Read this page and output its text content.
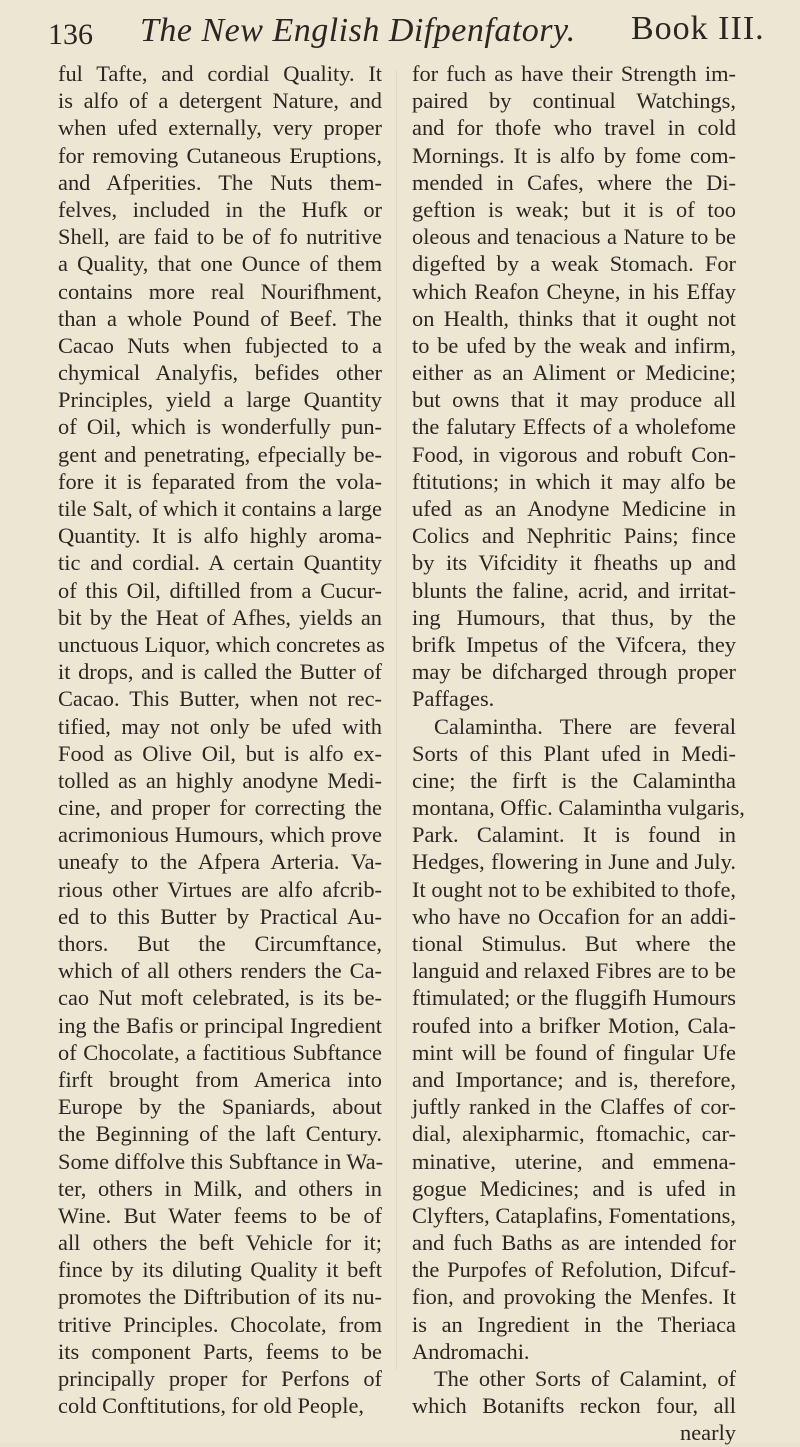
136 The New English Difpenfatory. Book III.
ful Tafte, and cordial Quality. It
is alfo of a detergent Nature, and
when ufed externally, very proper
for removing Cutaneous Eruptions,
and Afperities. The Nuts them-
felves, included in the Hufk or
Shell, are faid to be of fo nutritive
a Quality, that one Ounce of them
contains more real Nourifhment,
than a whole Pound of Beef. The
Cacao Nuts when fubjected to a
chymical Analyfis, befides other
Principles, yield a large Quantity
of Oil, which is wonderfully pun-
gent and penetrating, efpecially be-
fore it is feparated from the vola-
tile Salt, of which it contains a large
Quantity. It is alfo highly aroma-
tic and cordial. A certain Quantity
of this Oil, diftilled from a Cucur-
bit by the Heat of Afhes, yields an
unctuous Liquor, which concretes as
it drops, and is called the Butter of
Cacao. This Butter, when not rec-
tified, may not only be ufed with
Food as Olive Oil, but is alfo ex-
tolled as an highly anodyne Medi-
cine, and proper for correcting the
acrimonious Humours, which prove
uneafy to the Afpera Arteria. Va-
rious other Virtues are alfo afcrib-
ed to this Butter by Practical Au-
thors. But the Circumftance,
which of all others renders the Ca-
cao Nut moft celebrated, is its be-
ing the Bafis or principal Ingredient
of Chocolate, a factitious Subftance
firft brought from America into
Europe by the Spaniards, about
the Beginning of the laft Century.
Some diffolve this Subftance in Wa-
ter, others in Milk, and others in
Wine. But Water feems to be of
all others the beft Vehicle for it;
fince by its diluting Quality it beft
promotes the Diftribution of its nu-
tritive Principles. Chocolate, from
its component Parts, feems to be
principally proper for Perfons of
cold Conftitutions, for old People,
for fuch as have their Strength im-
paired by continual Watchings,
and for thofe who travel in cold
Mornings. It is alfo by fome com-
mended in Cafes, where the Di-
geftion is weak; but it is of too
oleous and tenacious a Nature to be
digefted by a weak Stomach. For
which Reafon Cheyne, in his Effay
on Health, thinks that it ought not
to be ufed by the weak and infirm,
either as an Aliment or Medicine;
but owns that it may produce all
the falutary Effects of a wholefome
Food, in vigorous and robuft Con-
ftitutions; in which it may alfo be
ufed as an Anodyne Medicine in
Colics and Nephritic Pains; fince
by its Vifcidity it fheaths up and
blunts the faline, acrid, and irritat-
ing Humours, that thus, by the
brifk Impetus of the Vifcera, they
may be difcharged through proper
Paffages.
Calamintha. There are feveral
Sorts of this Plant ufed in Medi-
cine; the firft is the Calamintha
montana, Offic. Calamintha vulgaris,
Park. Calamint. It is found in
Hedges, flowering in June and July.
It ought not to be exhibited to thofe,
who have no Occafion for an addi-
tional Stimulus. But where the
languid and relaxed Fibres are to be
ftimulated; or the fluggifh Humours
roufed into a brifker Motion, Cala-
mint will be found of fingular Ufe
and Importance; and is, therefore,
juftly ranked in the Claffes of cor-
dial, alexipharmic, ftomachic, car-
minative, uterine, and emmena-
gogue Medicines; and is ufed in
Clyfters, Cataplafins, Fomentations,
and fuch Baths as are intended for
the Purpofes of Refolution, Difcuf-
fion, and provoking the Menfes. It
is an Ingredient in the Theriaca
Andromachi.
The other Sorts of Calamint, of
which Botanifts reckon four, all
nearly
